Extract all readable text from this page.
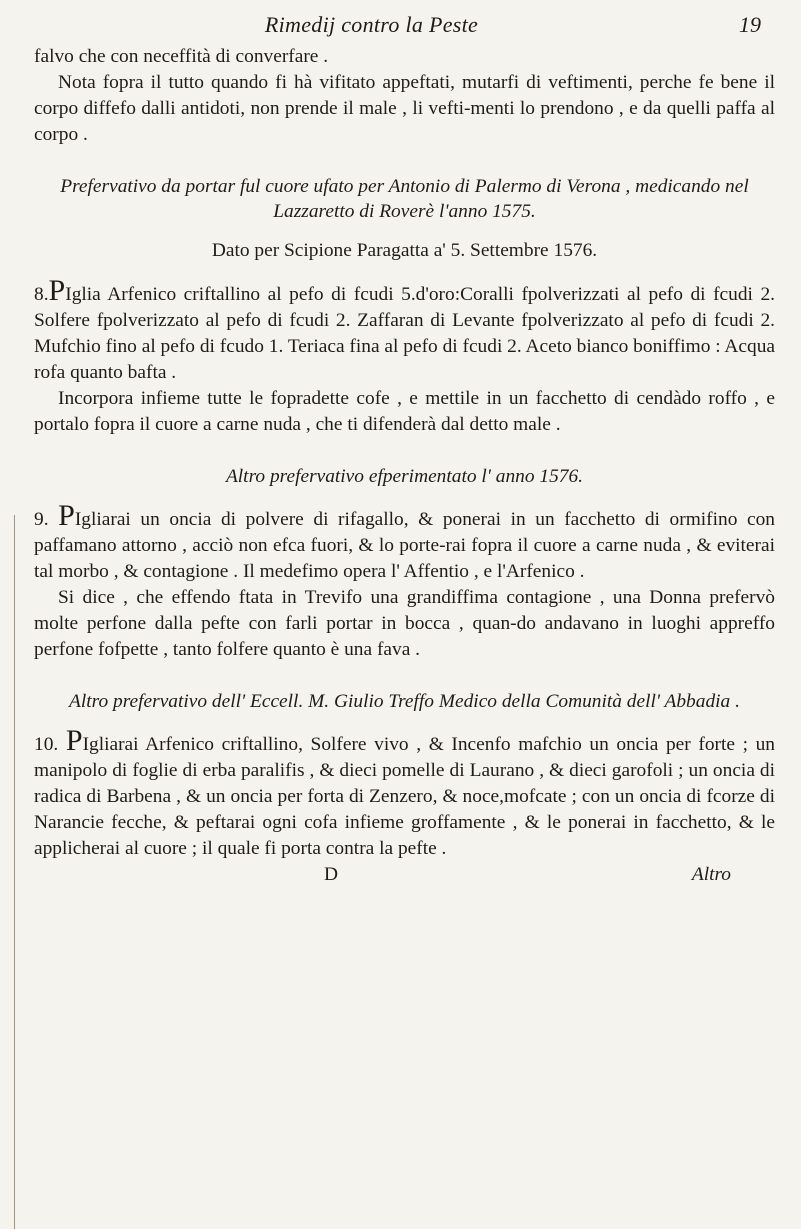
Rimedij contro la Peste	19

falvo che con neceffità di converfare .

Nota fopra il tutto quando fi hà vifitato appeftati, mutarfi di veftimenti, perche fe bene il corpo diffefo dalli antidoti, non prende il male , li vefti-menti lo prendono , e da quelli paffa al corpo .

Prefervativo da portar ful cuore ufato per Antonio di Palermo di Verona , medicando nel Lazzaretto di Roverè l'anno 1575.

Dato per Scipione Paragatta a' 5. Settembre 1576.

8.PIglia Arfenico criftallino al pefo di fcudi 5.d'oro:Coralli fpolverizzati al pefo di fcudi 2. Solfere fpolverizzato al pefo di fcudi 2. Zaffaran di Levante fpolverizzato al pefo di fcudi 2. Mufchio fino al pefo di fcudo 1. Teriaca fina al pefo di fcudi 2. Aceto bianco boniffimo : Acqua rofa quanto bafta .

Incorpora infieme tutte le fopradette cofe , e mettile in un facchetto di cendàdo roffo , e portalo fopra il cuore a carne nuda , che ti difenderà dal detto male .

Altro prefervativo efperimentato l' anno 1576.

9. PIgliarai un oncia di polvere di rifagallo, & ponerai in un facchetto di ormifino con paffamano attorno , acciò non efca fuori, & lo porte-rai fopra il cuore a carne nuda , & eviterai tal morbo , & contagione . Il medefimo opera l' Affentio , e l'Arfenico .

Si dice , che effendo ftata in Trevifo una grandiffima contagione , una Donna prefervò molte perfone dalla pefte con farli portar in bocca , quan-do andavano in luoghi appreffo perfone fofpette , tanto folfere quanto è una fava .

Altro prefervativo dell' Eccell. M. Giulio Treffo Medico della Comunità dell' Abbadia .

10. PIgliarai Arfenico criftallino, Solfere vivo , & Incenfo mafchio un oncia per forte ; un manipolo di foglie di erba paralifis , & dieci pomelle di Laurano , & dieci garofoli ; un oncia di radica di Barbena , & un oncia per forta di Zenzero, & noce,mofcate ; con un oncia di fcorze di Narancie fecche, & peftarai ogni cofa infieme groffamente , & le ponerai in facchetto, & le applicherai al cuore ; il quale fi porta contra la pefte .

D	Altro
